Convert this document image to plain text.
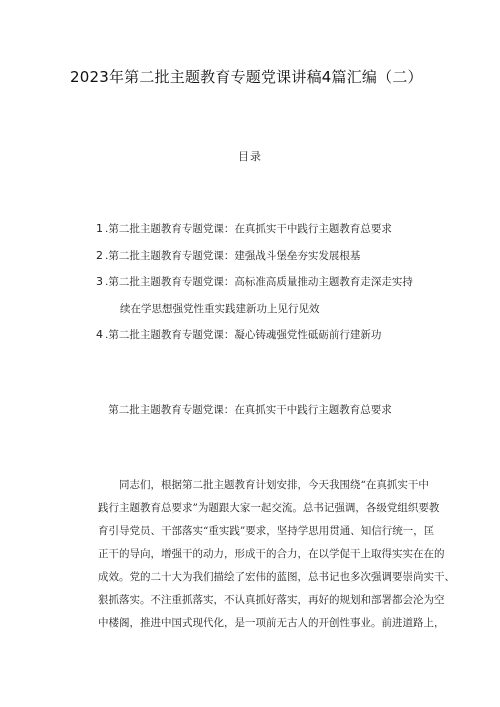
2023年第二批主题教育专题党课讲稿4篇汇编（二）
目录
1 .第二批主题教育专题党课：在真抓实干中践行主题教育总要求
2 .第二批主题教育专题党课：建强战斗堡垒夯实发展根基
3 .第二批主题教育专题党课：高标准高质量推动主题教育走深走实持
续在学思想强党性重实践建新功上见行见效
4 .第二批主题教育专题党课：凝心铸魂强党性砥砺前行建新功
第二批主题教育专题党课：在真抓实干中践行主题教育总要求
同志们，根据第二批主题教育计划安排，今天我围绕“在真抓实干中
践行主题教育总要求”为题跟大家一起交流。总书记强调，各级党组织要教
育引导党员、干部落实“重实践”要求，坚持学思用贯通、知信行统一，匡
正干的导向，增强干的动力，形成干的合力，在以学促干上取得实实在在的
成效。党的二十大为我们描绘了宏伟的蓝图，总书记也多次强调要崇尚实干、
狠抓落实。不注重抓落实，不认真抓好落实，再好的规划和部署都会沦为空
中楼阁，推进中国式现代化，是一项前无古人的开创性事业。前进道路上，
